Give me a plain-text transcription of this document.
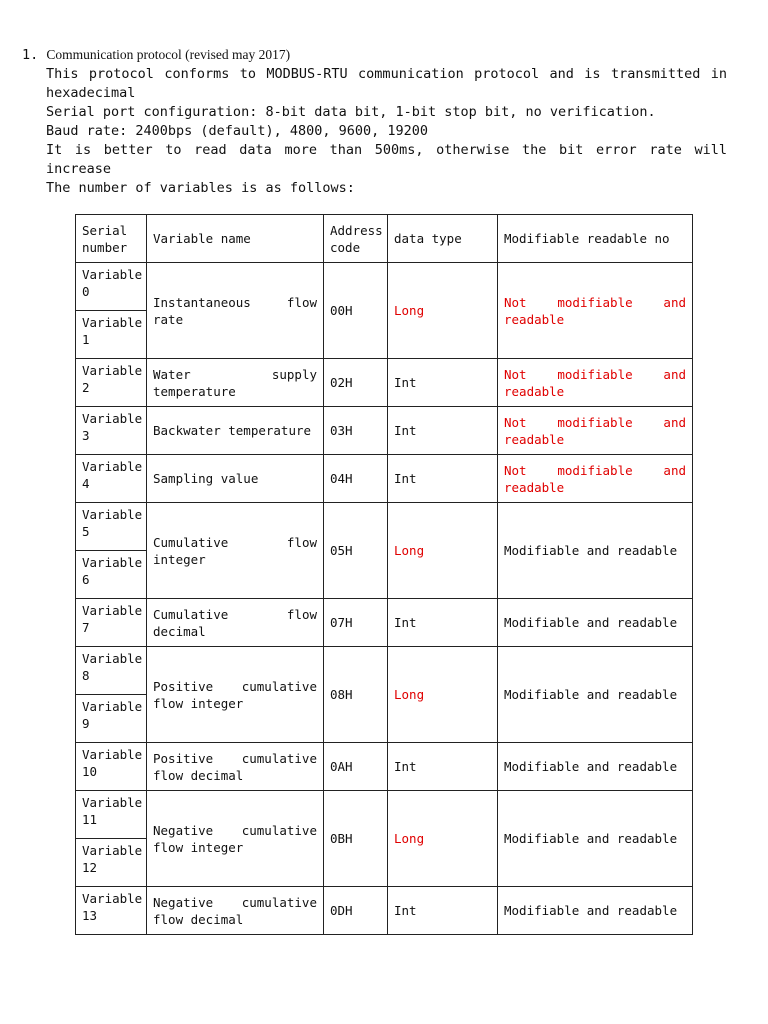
1. Communication protocol (revised may 2017)
This protocol conforms to MODBUS-RTU communication protocol and is transmitted in
hexadecimal
Serial port configuration: 8-bit data bit, 1-bit stop bit, no verification.
Baud rate: 2400bps (default), 4800, 9600, 19200
It is better to read data more than 500ms, otherwise the bit error rate will
increase
The number of variables is as follows:
Serial number	Variable name	Address code	data type	Modifiable readable no
Variable 0	Instantaneous flow rate	00H	Long	Not modifiable and readable
Variable 1				
Variable 2	Water supply temperature	02H	Int	Not modifiable and readable
Variable 3	Backwater temperature	03H	Int	Not modifiable and readable
Variable 4	Sampling value	04H	Int	Not modifiable and readable
Variable 5	Cumulative flow integer	05H	Long	Modifiable and readable
Variable 6				
Variable 7	Cumulative flow decimal	07H	Int	Modifiable and readable
Variable 8	Positive cumulative flow integer	08H	Long	Modifiable and readable
Variable 9				
Variable 10	Positive cumulative flow decimal	0AH	Int	Modifiable and readable
Variable 11	Negative cumulative flow integer	0BH	Long	Modifiable and readable
Variable 12				
Variable 13	Negative cumulative flow decimal	0DH	Int	Modifiable and readable
